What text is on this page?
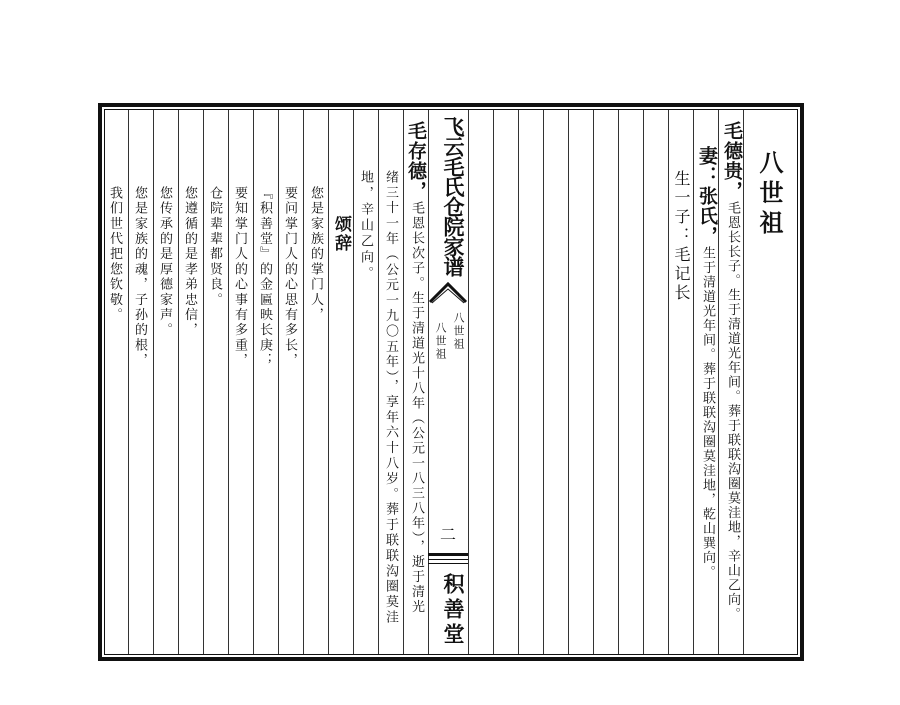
八世祖
毛德贵，毛恩长长子。生于清道光年间。葬于联联沟圈莫洼地，辛山乙向。
妻：张氏，生于清道光年间。葬于联联沟圈莫洼地，乾山巽向。
生一子：毛记长
飞云毛氏仓院家谱
八世祖
八世祖
二
积善堂
毛存德，毛恩长次子。生于清道光十八年（公元一八三八年），逝于清光
绪三十一年（公元一九〇五年），享年六十八岁。葬于联联沟圈莫洼
地，辛山乙向。
颂辞
您是家族的掌门人，
要问掌门人的心思有多长，
『积善堂』的金匾映长庚；
要知掌门人的心事有多重，
仓院辈辈都贤良。
您遵循的是孝弟忠信，
您传承的是厚德家声。
您是家族的魂，子孙的根，
我们世代把您钦敬。
